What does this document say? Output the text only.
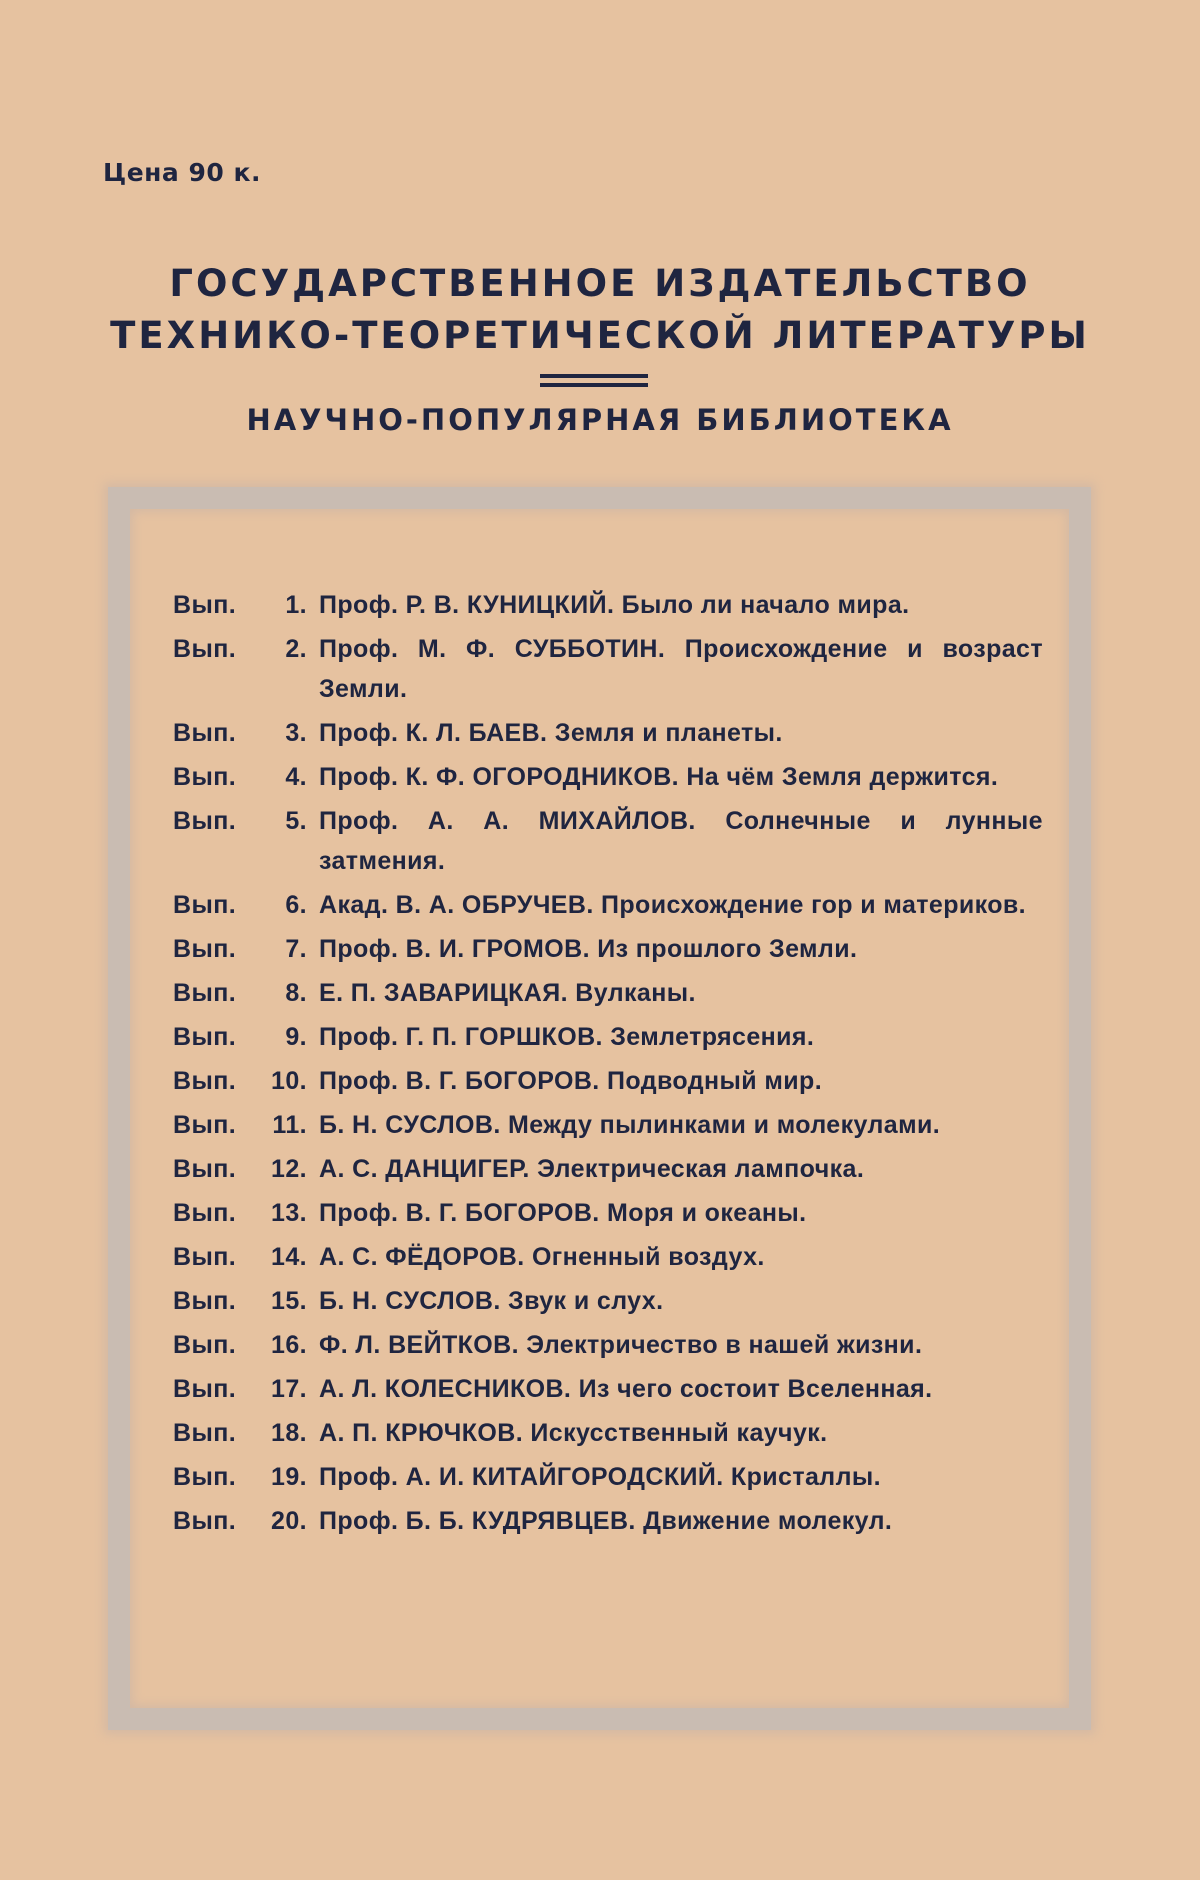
Цена 90 к.
ГОСУДАРСТВЕННОЕ ИЗДАТЕЛЬСТВО
ТЕХНИКО-ТЕОРЕТИЧЕСКОЙ ЛИТЕРАТУРЫ
НАУЧНО-ПОПУЛЯРНАЯ БИБЛИОТЕКА
Вып.	1. Проф. Р. В. КУНИЦКИЙ. Было ли начало мира.
Вып.	2. Проф. М. Ф. СУББОТИН. Происхождение и возраст Земли.
Вып.	3. Проф. К. Л. БАЕВ. Земля и планеты.
Вып.	4. Проф. К. Ф. ОГОРОДНИКОВ. На чём Земля держится.
Вып.	5. Проф. А. А. МИХАЙЛОВ. Солнечные и лунные затмения.
Вып.	6. Акад. В. А. ОБРУЧЕВ. Происхождение гор и материков.
Вып.	7. Проф. В. И. ГРОМОВ. Из прошлого Земли.
Вып.	8. Е. П. ЗАВАРИЦКАЯ. Вулканы.
Вып.	9. Проф. Г. П. ГОРШКОВ. Землетрясения.
Вып.	10. Проф. В. Г. БОГОРОВ. Подводный мир.
Вып.	11. Б. Н. СУСЛОВ. Между пылинками и молекулами.
Вып.	12. А. С. ДАНЦИГЕР. Электрическая лампочка.
Вып.	13. Проф. В. Г. БОГОРОВ. Моря и океаны.
Вып.	14. А. С. ФЁДОРОВ. Огненный воздух.
Вып.	15. Б. Н. СУСЛОВ. Звук и слух.
Вып.	16. Ф. Л. ВЕЙТКОВ. Электричество в нашей жизни.
Вып.	17. А. Л. КОЛЕСНИКОВ. Из чего состоит Вселенная.
Вып.	18. А. П. КРЮЧКОВ. Искусственный каучук.
Вып.	19. Проф. А. И. КИТАЙГОРОДСКИЙ. Кристаллы.
Вып.	20. Проф. Б. Б. КУДРЯВЦЕВ. Движение молекул.
